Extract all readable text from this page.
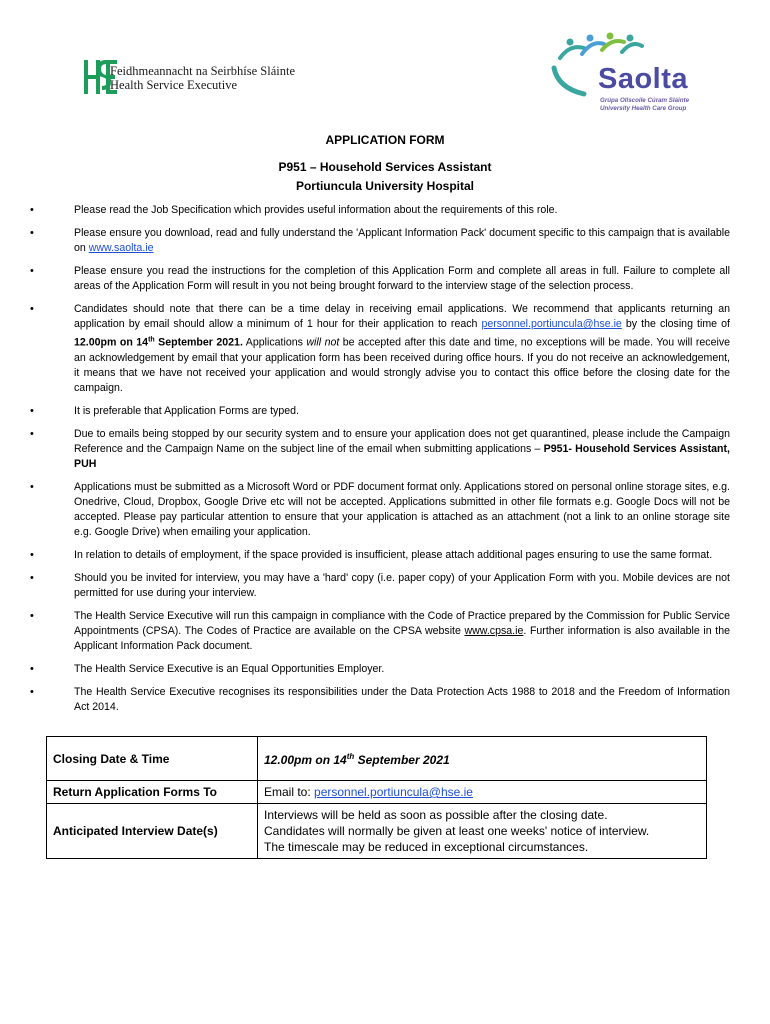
Feidhmeannacht na Seirbhíse Sláinte
Health Service Executive	Saolta
Grúpa Ollscoile Cúram Sláinte
University Health Care Group
APPLICATION FORM
P951 – Household Services Assistant
Portiuncula University Hospital
•	Please read the Job Specification which provides useful information about the requirements of this role.
•	Please ensure you download, read and fully understand the 'Applicant Information Pack' document specific to this campaign that is available on www.saolta.ie
•	Please ensure you read the instructions for the completion of this Application Form and complete all areas in full. Failure to complete all areas of the Application Form will result in you not being brought forward to the interview stage of the selection process.
•	Candidates should note that there can be a time delay in receiving email applications. We recommend that applicants returning an application by email should allow a minimum of 1 hour for their application to reach personnel.portiuncula@hse.ie by the closing time of 12.00pm on 14th September 2021. Applications will not be accepted after this date and time, no exceptions will be made. You will receive an acknowledgement by email that your application form has been received during office hours. If you do not receive an acknowledgement, it means that we have not received your application and would strongly advise you to contact this office before the closing date for the campaign.
•	It is preferable that Application Forms are typed.
•	Due to emails being stopped by our security system and to ensure your application does not get quarantined, please include the Campaign Reference and the Campaign Name on the subject line of the email when submitting applications – P951- Household Services Assistant, PUH
•	Applications must be submitted as a Microsoft Word or PDF document format only. Applications stored on personal online storage sites, e.g. Onedrive, Cloud, Dropbox, Google Drive etc will not be accepted. Applications submitted in other file formats e.g. Google Docs will not be accepted. Please pay particular attention to ensure that your application is attached as an attachment (not a link to an online storage site e.g. Google Drive) when emailing your application.
•	In relation to details of employment, if the space provided is insufficient, please attach additional pages ensuring to use the same format.
•	Should you be invited for interview, you may have a 'hard' copy (i.e. paper copy) of your Application Form with you. Mobile devices are not permitted for use during your interview.
•	The Health Service Executive will run this campaign in compliance with the Code of Practice prepared by the Commission for Public Service Appointments (CPSA). The Codes of Practice are available on the CPSA website www.cpsa.ie. Further information is also available in the Applicant Information Pack document.
•	The Health Service Executive is an Equal Opportunities Employer.
•	The Health Service Executive recognises its responsibilities under the Data Protection Acts 1988 to 2018 and the Freedom of Information Act 2014.
Closing Date & Time	12.00pm on 14th September 2021
Return Application Forms To	Email to: personnel.portiuncula@hse.ie
Anticipated Interview Date(s)	Interviews will be held as soon as possible after the closing date.
Candidates will normally be given at least one weeks' notice of interview.
The timescale may be reduced in exceptional circumstances.
